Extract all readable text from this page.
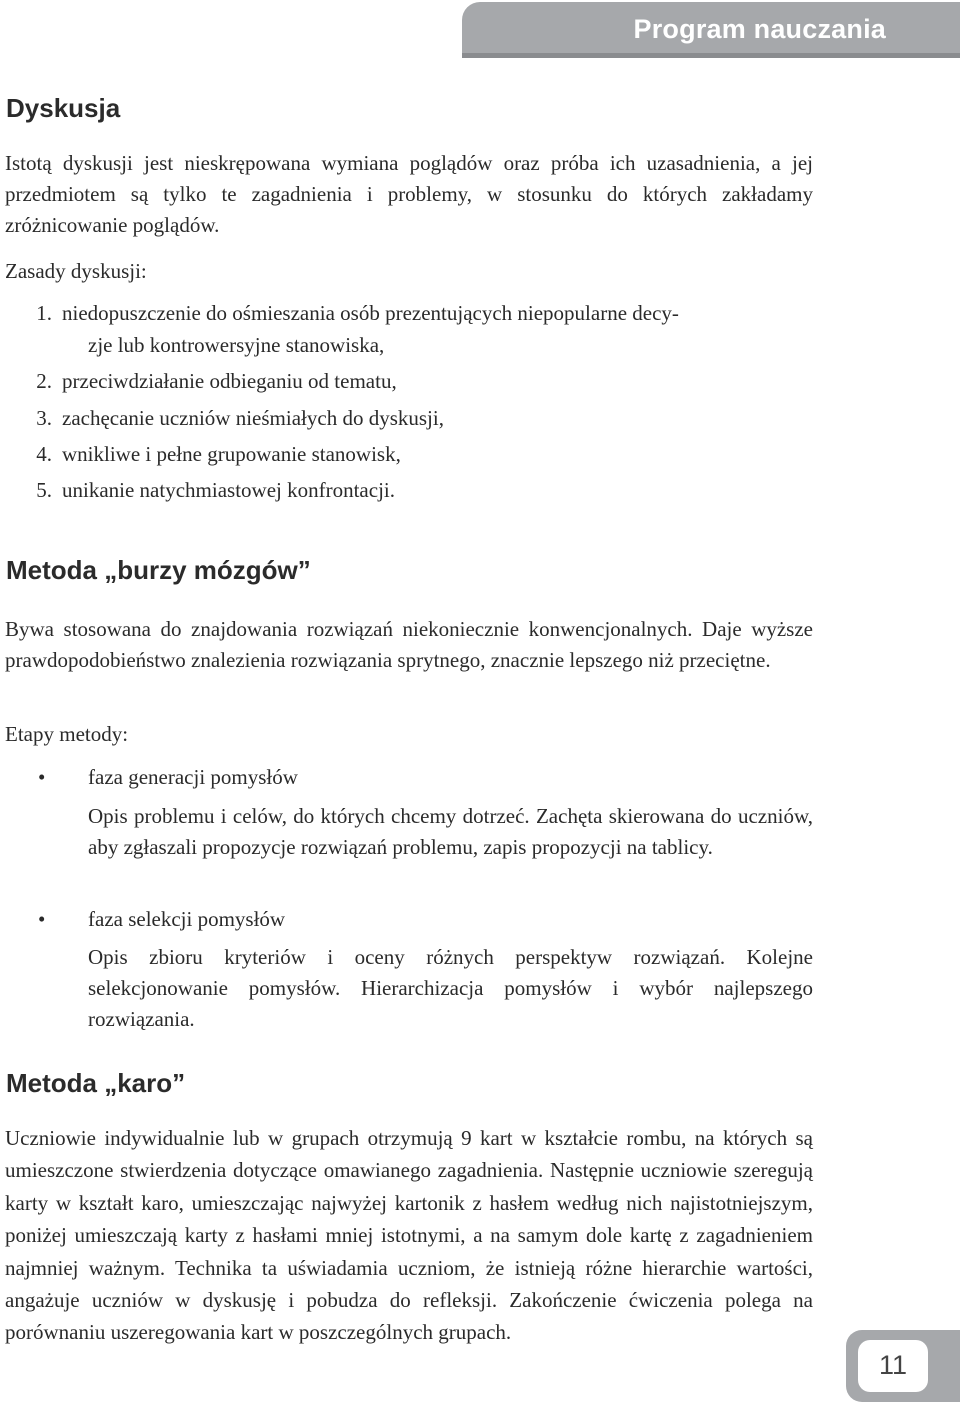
Program nauczania
Dyskusja

Istotą dyskusji jest nieskrępowana wymiana poglądów oraz próba ich uzasadnienia, a jej przedmiotem są tylko te zagadnienia i problemy, w stosunku do których zakładamy zróżnicowanie poglądów.

Zasady dyskusji:

1. niedopuszczenie do ośmieszania osób prezentujących niepopularne decy-

zje lub kontrowersyjne stanowiska,

2. przeciwdziałanie odbieganiu od tematu,

3. zachęcanie uczniów nieśmiałych do dyskusji,

4. wnikliwe i pełne grupowanie stanowisk,

5. unikanie natychmiastowej konfrontacji.

Metoda „burzy mózgów”

Bywa stosowana do znajdowania rozwiązań niekoniecznie konwencjonalnych. Daje wyższe prawdopodobieństwo znalezienia rozwiązania sprytnego, znacznie lepszego niż przeciętne.

Etapy metody:

• faza generacji pomysłów

Opis problemu i celów, do których chcemy dotrzeć. Zachęta skierowana do uczniów, aby zgłaszali propozycje rozwiązań problemu, zapis propozycji na tablicy.

• faza selekcji pomysłów

Opis zbioru kryteriów i oceny różnych perspektyw rozwiązań. Kolejne selekcjonowanie pomysłów. Hierarchizacja pomysłów i wybór najlepszego rozwiązania.

Metoda „karo”

Uczniowie indywidualnie lub w grupach otrzymują 9 kart w kształcie rombu, na których są umieszczone stwierdzenia dotyczące omawianego zagadnienia. Następnie uczniowie szeregują karty w kształt karo, umieszczając najwyżej kartonik z hasłem według nich najistotniejszym, poniżej umieszczają karty z hasłami mniej istotnymi, a na samym dole kartę z zagadnieniem najmniej ważnym. Technika ta uświadamia uczniom, że istnieją różne hierarchie wartości, angażuje uczniów w dyskusję i pobudza do refleksji. Zakończenie ćwiczenia polega na porównaniu uszeregowania kart w poszczególnych grupach.

11
